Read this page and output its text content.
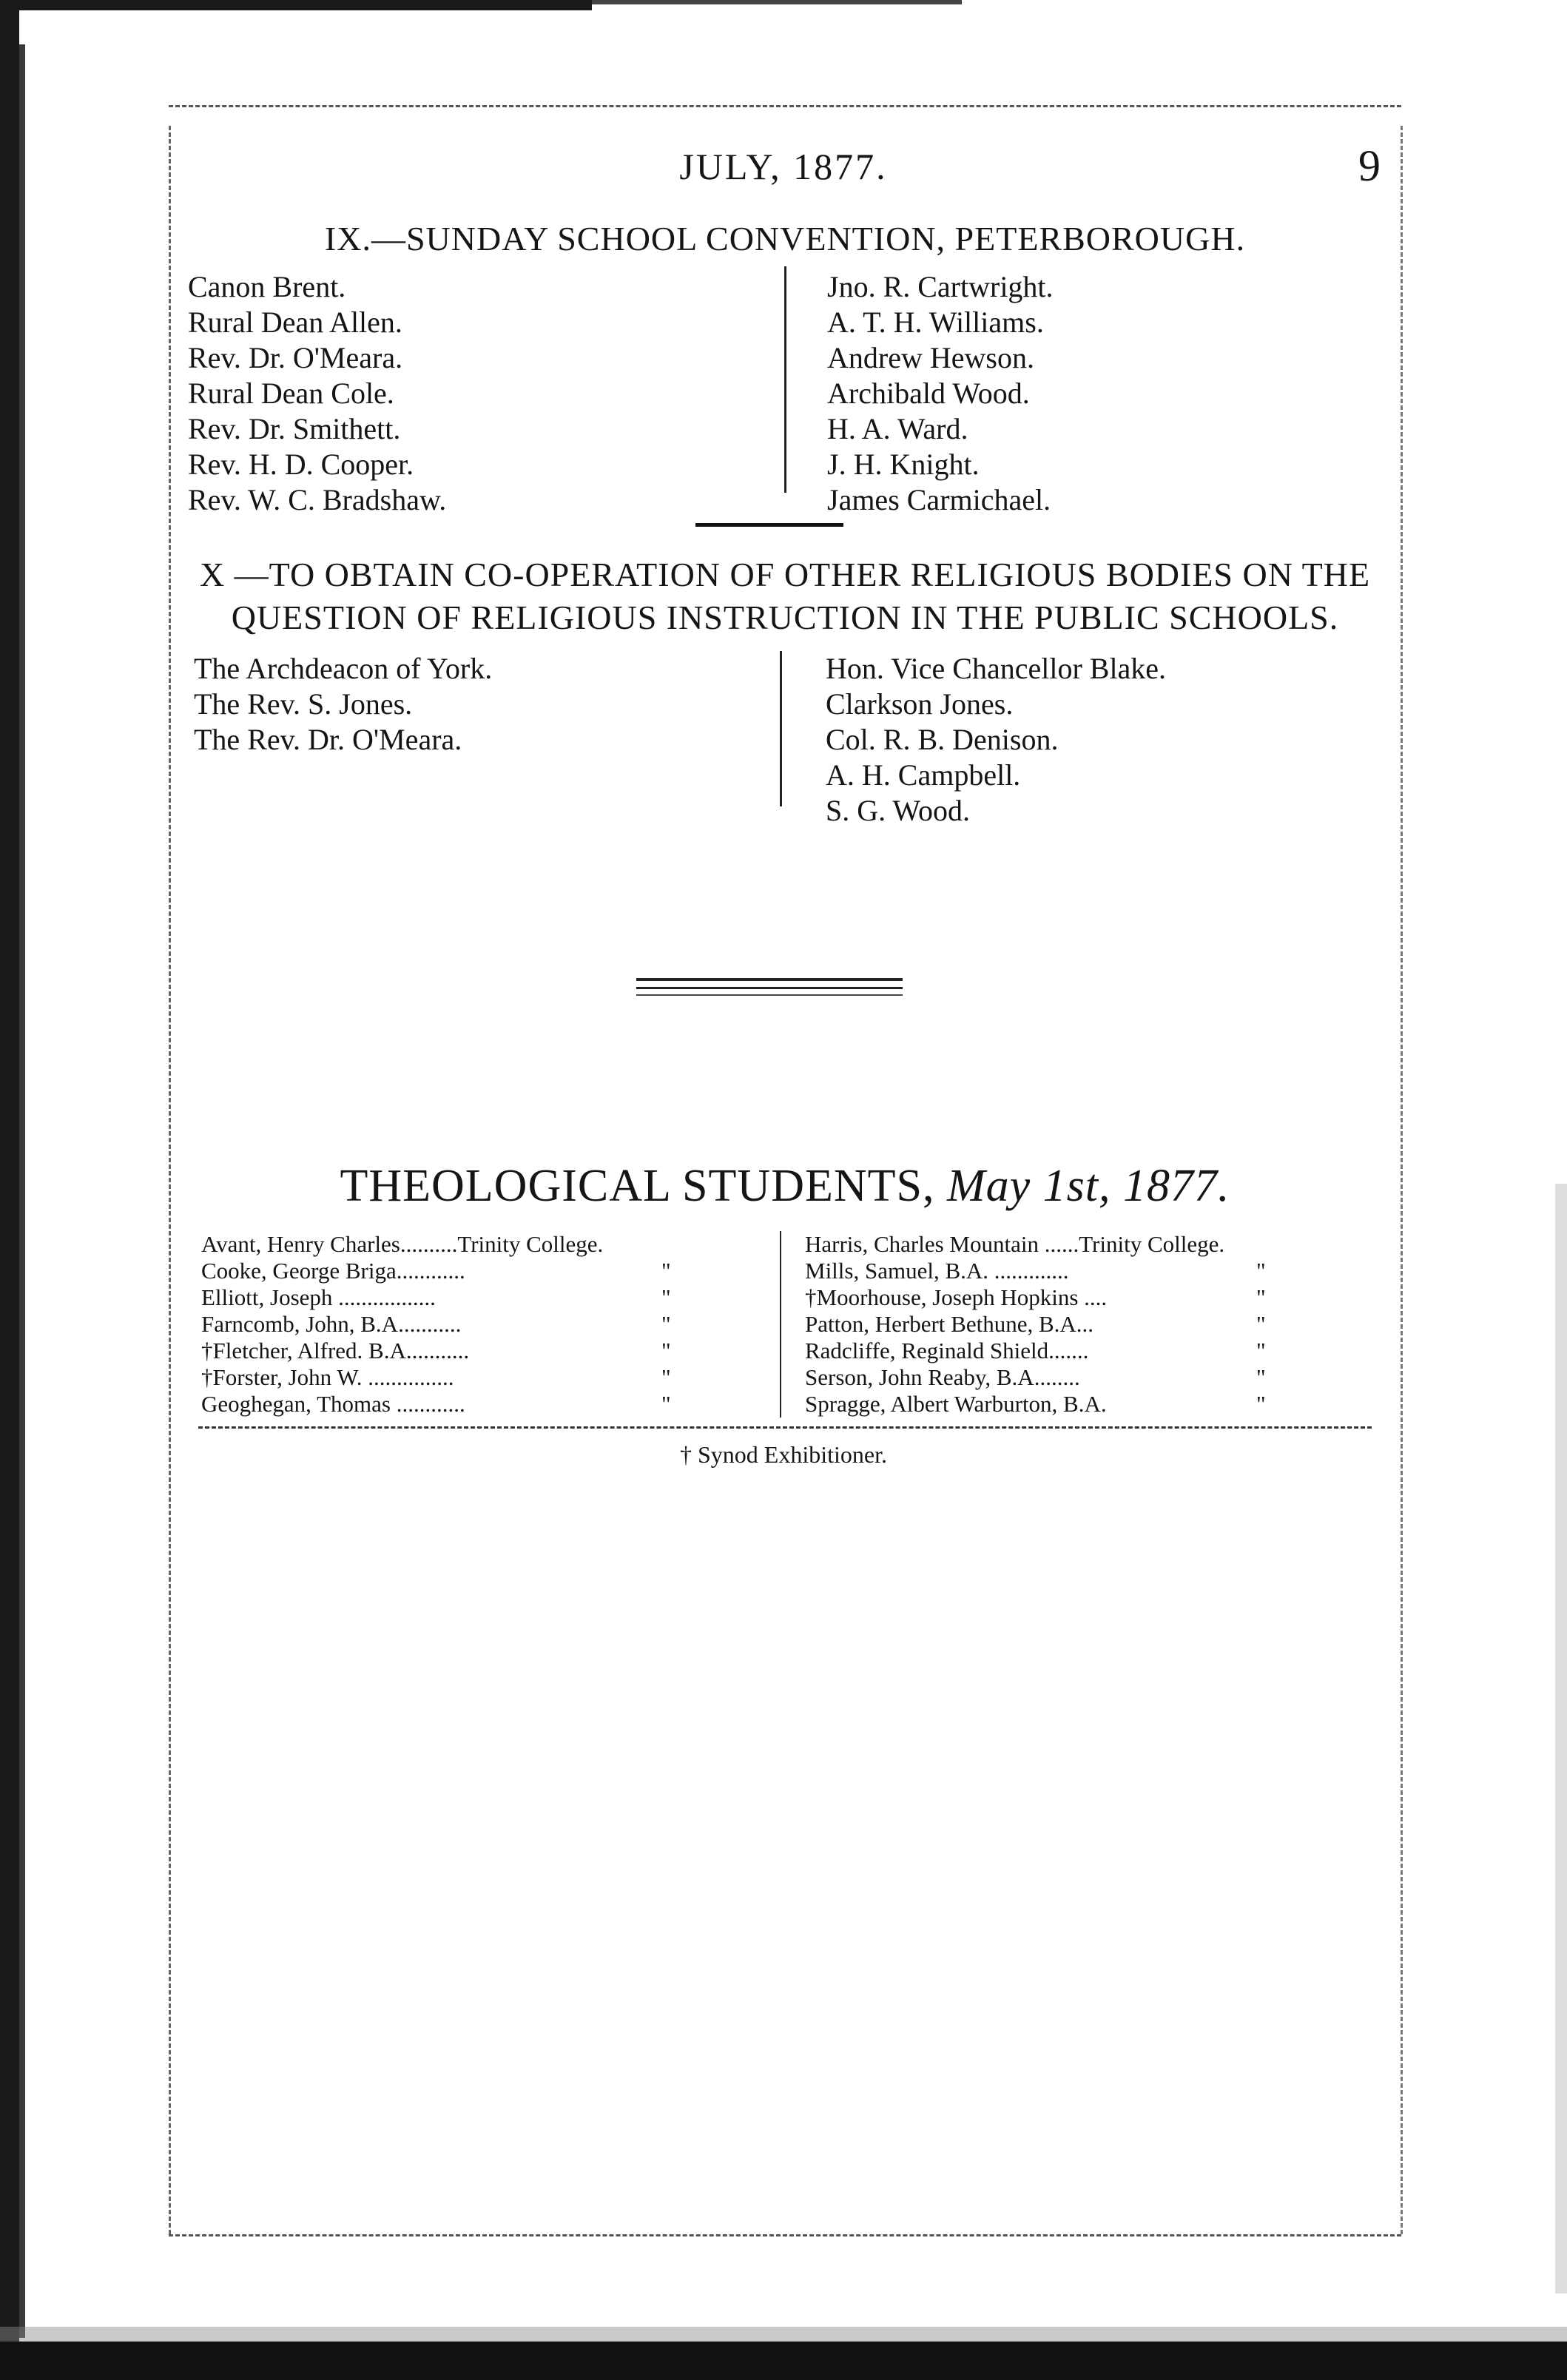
JULY, 1877.	9
IX.—SUNDAY SCHOOL CONVENTION, PETERBOROUGH.
Canon Brent.
Rural Dean Allen.
Rev. Dr. O'Meara.
Rural Dean Cole.
Rev. Dr. Smithett.
Rev. H. D. Cooper.
Rev. W. C. Bradshaw.
Jno. R. Cartwright.
A. T. H. Williams.
Andrew Hewson.
Archibald Wood.
H. A. Ward.
J. H. Knight.
James Carmichael.
X —TO OBTAIN CO-OPERATION OF OTHER RELIGIOUS BODIES ON THE
QUESTION OF RELIGIOUS INSTRUCTION IN THE PUBLIC SCHOOLS.
The Archdeacon of York.
The Rev. S. Jones.
The Rev. Dr. O'Meara.
Hon. Vice Chancellor Blake.
Clarkson Jones.
Col. R. B. Denison.
A. H. Campbell.
S. G. Wood.
THEOLOGICAL STUDENTS, May 1st, 1877.
Avant, Henry Charles..........Trinity College.
Cooke, George Briga............	"
Elliott, Joseph .................	"
Farncomb, John, B.A...........	"
†Fletcher, Alfred. B.A...........	"
†Forster, John W. ...............	"
Geoghegan, Thomas ............	"
Harris, Charles Mountain ......Trinity College.
Mills, Samuel, B.A. .............	"
†Moorhouse, Joseph Hopkins ....	"
Patton, Herbert Bethune, B.A...	"
Radcliffe, Reginald Shield.......	"
Serson, John Reaby, B.A........	"
Spragge, Albert Warburton, B.A.	"
† Synod Exhibitioner.
